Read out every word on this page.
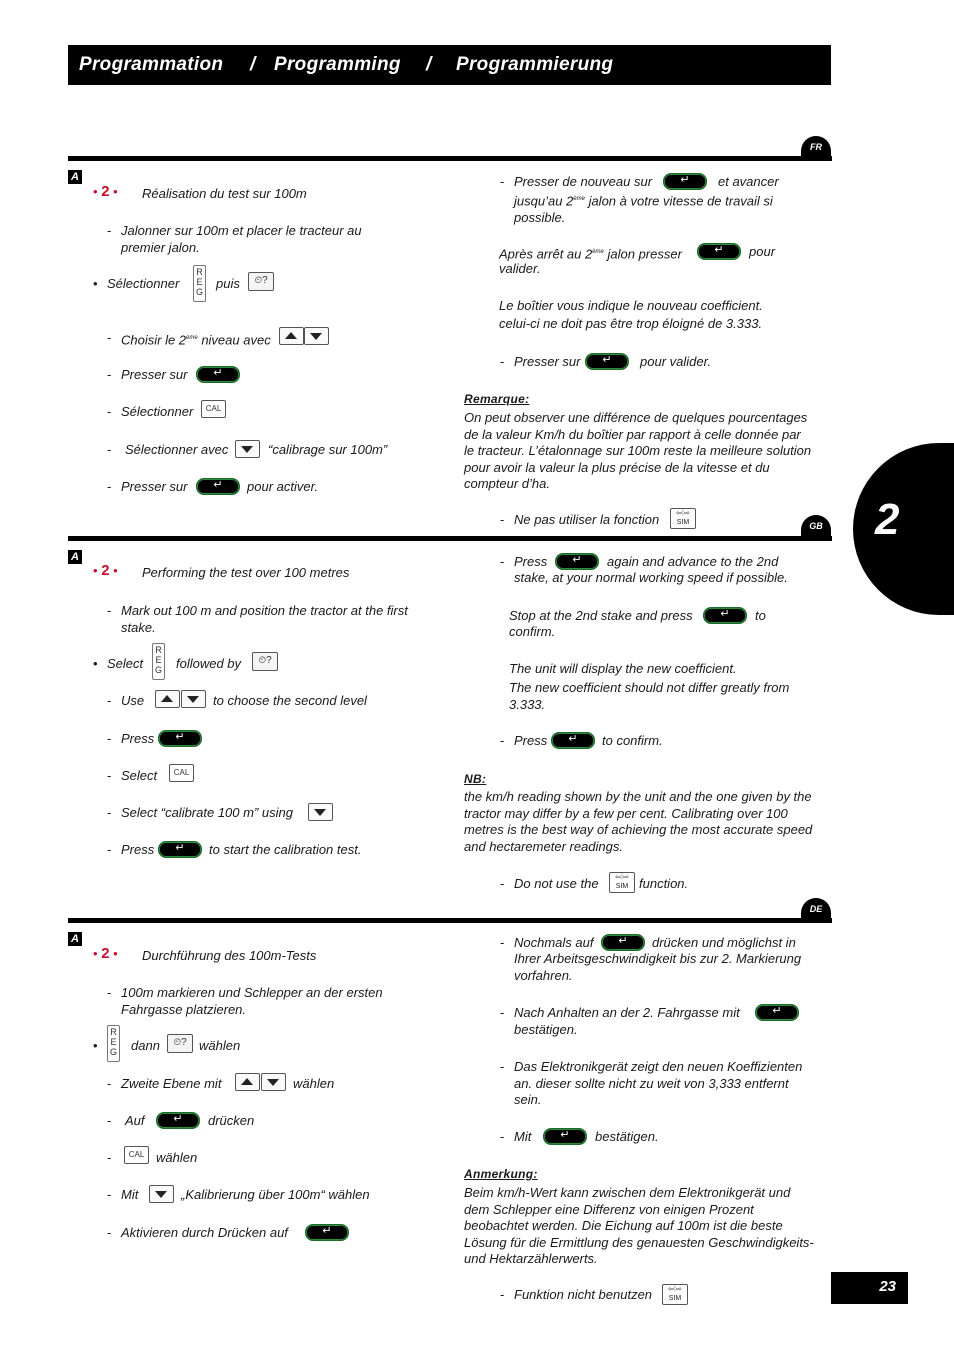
Programmation / Programming / Programmierung
FR
A
• 2 • Réalisation du test sur 100m
- Jalonner sur 100m et placer le tracteur au premier jalon.
• Sélectionner
R
E
G
puis	⏲?
- Choisir le 2ème niveau avec
- Presser sur
↵
- Sélectionner	CAL
- Sélectionner avec	“calibrage sur 100m”
- Presser sur ↵	pour activer.
- Presser de nouveau sur ↵	et avancer
jusqu’au 2ème jalon à votre vitesse de travail si possible.
Après arrêt au 2ème jalon presser ↵	pour
valider.
Le boîtier vous indique le nouveau coefficient.
celui-ci ne doit pas être trop éloigné de 3.333.
- Presser sur ↵	pour valider.
Remarque:
On peut observer une différence de quelques pourcentages de la valeur Km/h du boîtier par rapport à celle donnée par le tracteur. L’étalonnage sur 100m reste la meilleure solution pour avoir la valeur la plus précise de la vitesse et du compteur d’ha.
- Ne pas utiliser la fonction	⇦⁞⇨
SIM	2
GB
A
• 2 • Performing the test over 100 metres
- Mark out 100 m and position the tractor at the first stake.
• Select
R
E
G followed by	⏲?
- Use	to choose the second level
- Press
↵
- Select	CAL
- Select “calibrate 100 m” using
- Press ↵	to start the calibration test.
- Press ↵	again and advance to the 2nd
stake, at your normal working speed if possible.
Stop at the 2nd stake and press ↵	to
confirm.
The unit will display the new coefficient.
The new coefficient should not differ greatly from 3.333.
- Press ↵	to confirm.
NB:
the km/h reading shown by the unit and the one given by the tractor may differ by a few per cent. Calibrating over 100 metres is the best way of achieving the most accurate speed and hectaremeter readings.
- Do not use the	⇦⁞⇨
SIM function.
DE
A
• 2 • Durchführung des 100m-Tests
- 100m markieren und Schlepper an der ersten Fahrgasse platzieren.
•
R
E
G dann	⏲? wählen
- Zweite Ebene mit	wählen
- Auf ↵	drücken
-	CAL wählen
- Mit	„Kalibrierung über 100m“ wählen
- Aktivieren durch Drücken auf
↵
- Nochmals auf ↵	drücken und möglichst in
Ihrer Arbeitsgeschwindigkeit bis zur 2. Markierung vorfahren.
- Nach Anhalten an der 2. Fahrgasse mit
↵
bestätigen.
- Das Elektronikgerät zeigt den neuen Koeffizienten an. dieser sollte nicht zu weit von 3,333 entfernt sein.
- Mit ↵	bestätigen.
Anmerkung:
Beim km/h-Wert kann zwischen dem Elektronikgerät und dem Schlepper eine Differenz von einigen Prozent beobachtet werden. Die Eichung auf 100m ist die beste Lösung für die Ermittlung des genauesten Geschwindigkeits- und Hektarzählerwerts.
- Funktion nicht benutzen	⇦⁞⇨
SIM
23
